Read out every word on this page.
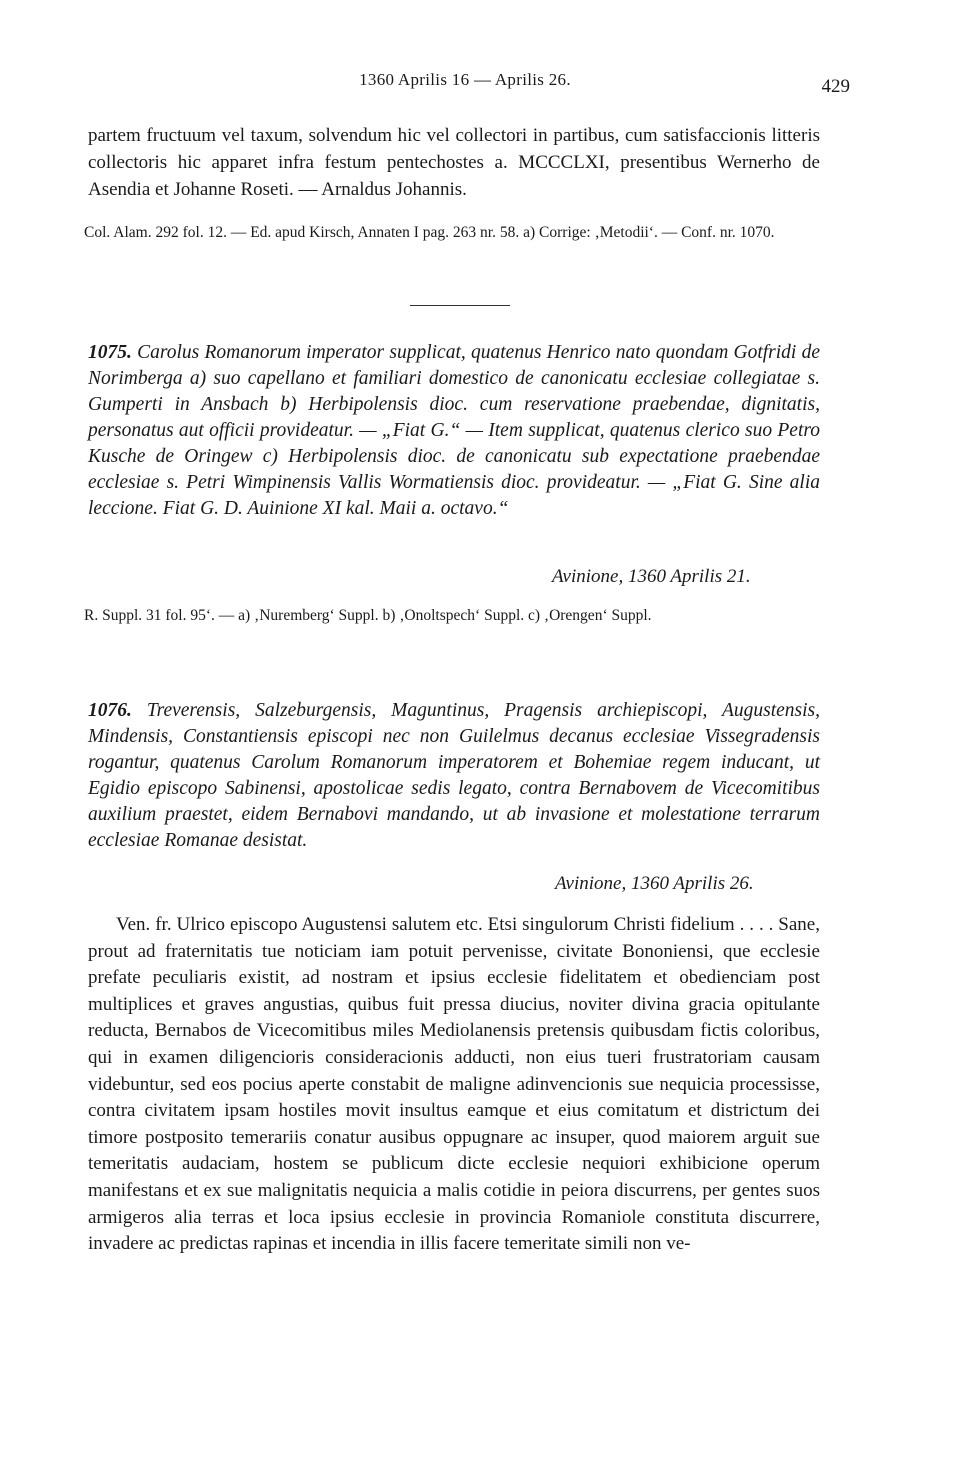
1360 Aprilis 16 — Aprilis 26.	429

partem fructuum vel taxum, solvendum hic vel collectori in partibus, cum satisfaccionis litteris collectoris hic apparet infra festum pentechostes a. MCCCLXI, presentibus Wernerho de Asendia et Johanne Roseti. — Arnaldus Johannis.

Col. Alam. 292 fol. 12. — Ed. apud Kirsch, Annaten I pag. 263 nr. 58. a) Corrige: ‚Metodii‘. — Conf. nr. 1070.

1075. Carolus Romanorum imperator supplicat, quatenus Henrico nato quondam Gotfridi de Norimberga a) suo capellano et familiari domestico de canonicatu ecclesiae collegiatae s. Gumperti in Ansbach b) Herbipolensis dioc. cum reservatione praebendae, dignitatis, personatus aut officii provideatur. — „Fiat G.“ — Item supplicat, quatenus clerico suo Petro Kusche de Oringew c) Herbipolensis dioc. de canonicatu sub expectatione praebendae ecclesiae s. Petri Wimpinensis Vallis Wormatiensis dioc. provideatur. — „Fiat G. Sine alia leccione. Fiat G. D. Auinione XI kal. Maii a. octavo.“

Avinione, 1360 Aprilis 21.

R. Suppl. 31 fol. 95‘. — a) ‚Nuremberg‘ Suppl. b) ‚Onoltspech‘ Suppl. c) ‚Orengen‘ Suppl.

1076. Treverensis, Salzeburgensis, Maguntinus, Pragensis archiepiscopi, Augustensis, Mindensis, Constantiensis episcopi nec non Guilelmus decanus ecclesiae Vissegradensis rogantur, quatenus Carolum Romanorum imperatorem et Bohemiae regem inducant, ut Egidio episcopo Sabinensi, apostolicae sedis legato, contra Bernabovem de Vicecomitibus auxilium praestet, eidem Bernabovi mandando, ut ab invasione et molestatione terrarum ecclesiae Romanae desistat.

Avinione, 1360 Aprilis 26.

Ven. fr. Ulrico episcopo Augustensi salutem etc. Etsi singulorum Christi fidelium . . . . Sane, prout ad fraternitatis tue noticiam iam potuit pervenisse, civitate Bononiensi, que ecclesie prefate peculiaris existit, ad nostram et ipsius ecclesie fidelitatem et obedienciam post multiplices et graves angustias, quibus fuit pressa diucius, noviter divina gracia opitulante reducta, Bernabos de Vicecomitibus miles Mediolanensis pretensis quibusdam fictis coloribus, qui in examen diligencioris consideracionis adducti, non eius tueri frustratoriam causam videbuntur, sed eos pocius aperte constabit de maligne adinvencionis sue nequicia processisse, contra civitatem ipsam hostiles movit insultus eamque et eius comitatum et districtum dei timore postposito temerariis conatur ausibus oppugnare ac insuper, quod maiorem arguit sue temeritatis audaciam, hostem se publicum dicte ecclesie nequiori exhibicione operum manifestans et ex sue malignitatis nequicia a malis cotidie in peiora discurrens, per gentes suos armigeros alia terras et loca ipsius ecclesie in provincia Romaniole constituta discurrere, invadere ac predictas rapinas et incendia in illis facere temeritate simili non ve-
